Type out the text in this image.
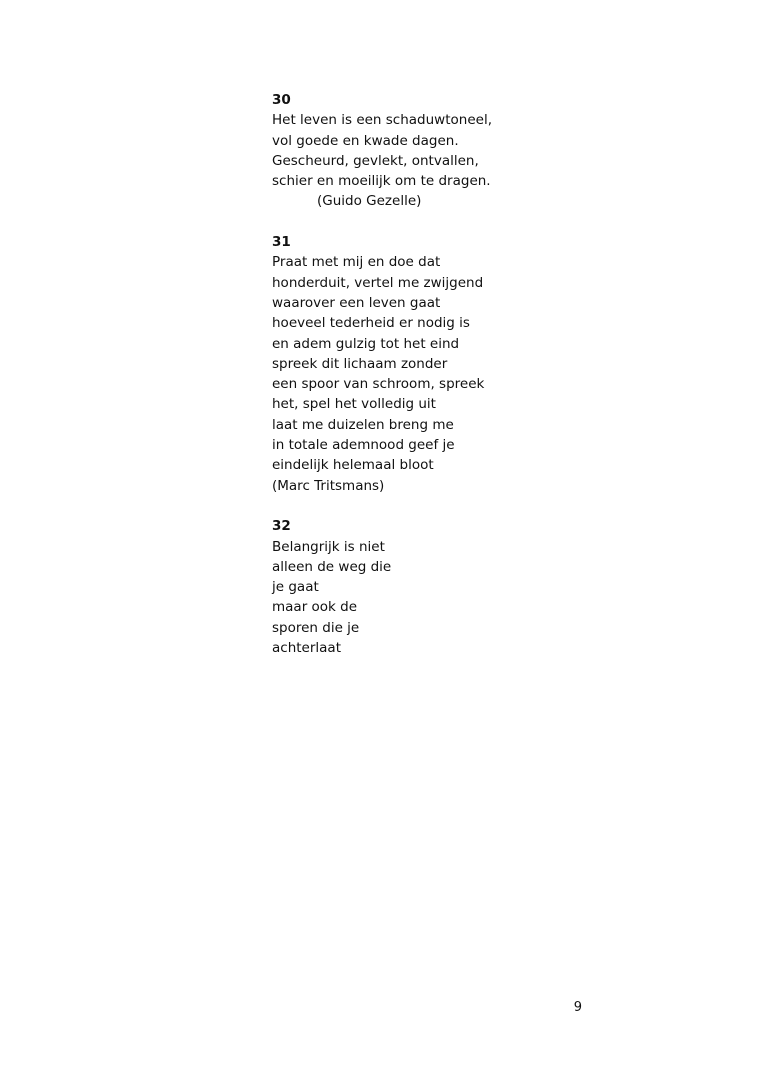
30
Het leven is een schaduwtoneel,
vol goede en kwade dagen.
Gescheurd, gevlekt, ontvallen,
schier en moeilijk om te dragen.
(Guido Gezelle)
31
Praat met mij en doe dat
honderduit, vertel me zwijgend
waarover een leven gaat
hoeveel tederheid er nodig is
en adem gulzig tot het eind
spreek dit lichaam zonder
een spoor van schroom, spreek
het, spel het volledig uit
laat me duizelen breng me
in totale ademnood geef je
eindelijk helemaal bloot
(Marc Tritsmans)
32
Belangrijk is niet
alleen de weg die
je gaat
maar ook de
sporen die je
achterlaat
9
